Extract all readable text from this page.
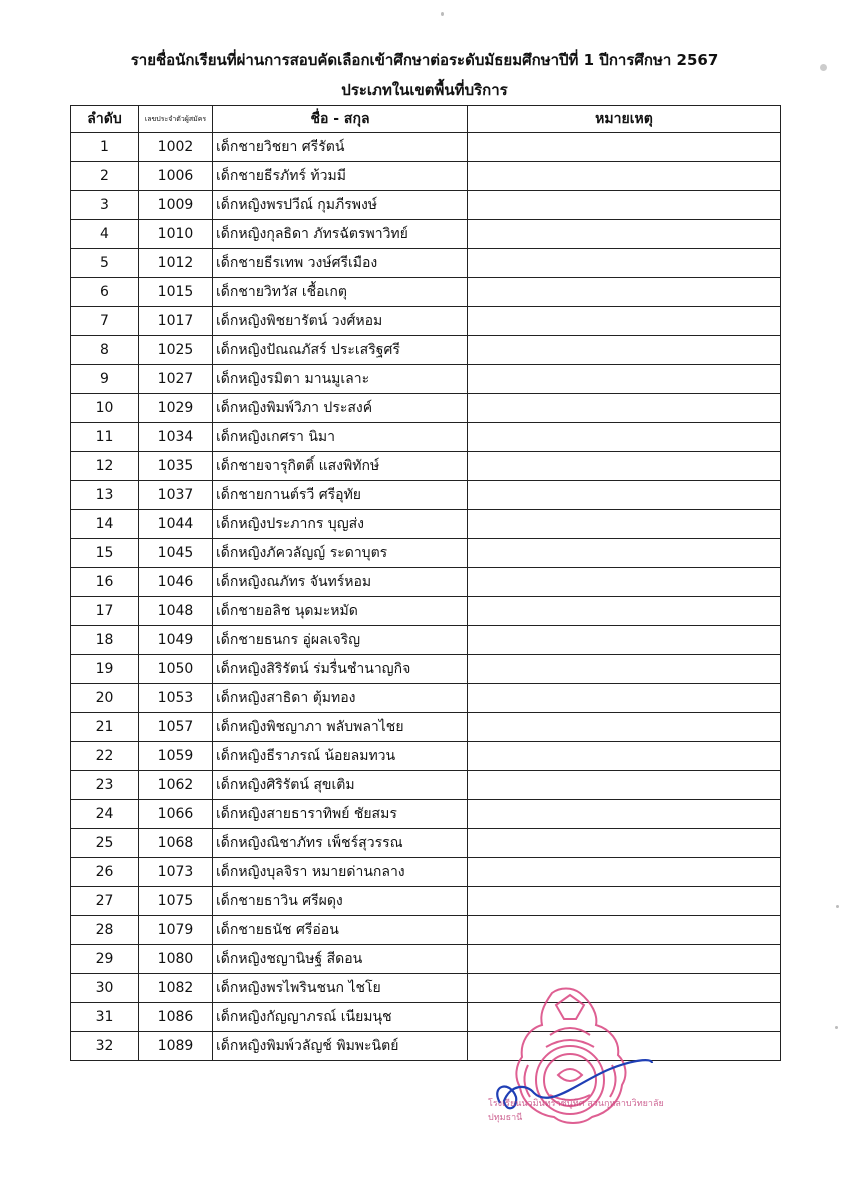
รายชื่อนักเรียนที่ผ่านการสอบคัดเลือกเข้าศึกษาต่อระดับมัธยมศึกษาปีที่ 1 ปีการศึกษา 2567
ประเภทในเขตพื้นที่บริการ
ลำดับ	เลขประจำตัวผู้สมัคร	ชื่อ - สกุล	หมายเหตุ
1	1002	เด็กชายวิชยา ศรีรัตน์	
2	1006	เด็กชายธีรภัทร์ ท้วมมี	
3	1009	เด็กหญิงพรปวีณ์ กุมภีรพงษ์	
4	1010	เด็กหญิงกุลธิดา ภัทรฉัตรพาวิทย์	
5	1012	เด็กชายธีรเทพ วงษ์ศรีเมือง	
6	1015	เด็กชายวิทวัส เชื้อเกตุ	
7	1017	เด็กหญิงพิชยารัตน์ วงศ์หอม	
8	1025	เด็กหญิงปัณณภัสร์ ประเสริฐศรี	
9	1027	เด็กหญิงรมิตา มานมูเลาะ	
10	1029	เด็กหญิงพิมพ์วิภา ประสงค์	
11	1034	เด็กหญิงเกศรา นิมา	
12	1035	เด็กชายจารุกิตติ์ แสงพิทักษ์	
13	1037	เด็กชายกานต์รวี ศรีอุทัย	
14	1044	เด็กหญิงประภากร บุญส่ง	
15	1045	เด็กหญิงภัควลัญญ์ ระดาบุตร	
16	1046	เด็กหญิงณภัทร จันทร์หอม	
17	1048	เด็กชายอลิช นุดมะหมัด	
18	1049	เด็กชายธนกร อู่ผลเจริญ	
19	1050	เด็กหญิงสิริรัตน์ ร่มรื่นชำนาญกิจ	
20	1053	เด็กหญิงสาธิดา ตุ้มทอง	
21	1057	เด็กหญิงพิชญาภา พลับพลาไชย	
22	1059	เด็กหญิงธีราภรณ์ น้อยลมทวน	
23	1062	เด็กหญิงศิริรัตน์ สุขเติม	
24	1066	เด็กหญิงสายธาราทิพย์ ชัยสมร	
25	1068	เด็กหญิงณิชาภัทร เพ็ชร์สุวรรณ	
26	1073	เด็กหญิงบุลจิรา หมายด่านกลาง	
27	1075	เด็กชายธาวิน ศรีผดุง	
28	1079	เด็กชายธนัช ศรีอ่อน	
29	1080	เด็กหญิงชญานิษฐ์ สีดอน	
30	1082	เด็กหญิงพรไพรินชนก ไชโย	
31	1086	เด็กหญิงกัญญาภรณ์ เนียมนุช	
32	1089	เด็กหญิงพิมพ์วลัญช์ พิมพะนิตย์	
โรงเรียนนวมินทราชินูทิศ สวนกุหลาบวิทยาลัย ปทุมธานี
